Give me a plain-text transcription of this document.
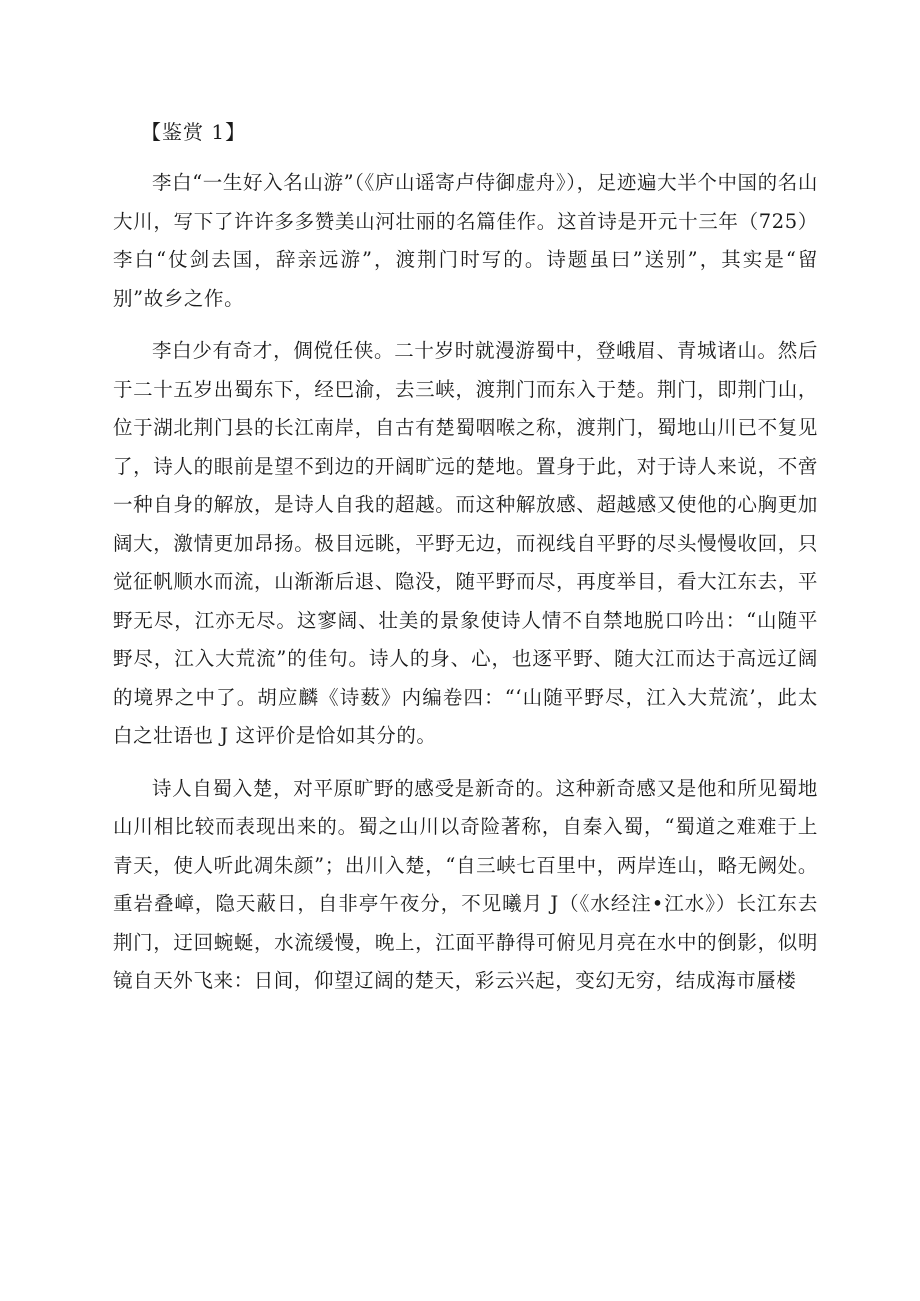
【鉴赏 1】

李白“一生好入名山游”（《庐山谣寄卢侍御虚舟》），足迹遍大半个中国的名山大川，写下了许许多多赞美山河壮丽的名篇佳作。这首诗是开元十三年（725）李白“仗剑去国，辞亲远游”，渡荆门时写的。诗题虽曰”送别”，其实是“留别”故乡之作。

李白少有奇才，倜傥任侠。二十岁时就漫游蜀中，登峨眉、青城诸山。然后于二十五岁出蜀东下，经巴渝，去三峡，渡荆门而东入于楚。荆门，即荆门山，位于湖北荆门县的长江南岸，自古有楚蜀咽喉之称，渡荆门，蜀地山川已不复见了，诗人的眼前是望不到边的开阔旷远的楚地。置身于此，对于诗人来说，不啻一种自身的解放，是诗人自我的超越。而这种解放感、超越感又使他的心胸更加阔大，激情更加昂扬。极目远眺，平野无边，而视线自平野的尽头慢慢收回，只觉征帆顺水而流，山渐渐后退、隐没，随平野而尽，再度举目，看大江东去，平野无尽，江亦无尽。这寥阔、壮美的景象使诗人情不自禁地脱口吟出：“山随平野尽，江入大荒流”的佳句。诗人的身、心，也逐平野、随大江而达于高远辽阔的境界之中了。胡应麟《诗薮》内编卷四：“‘山随平野尽，江入大荒流’，此太白之壮语也 J 这评价是恰如其分的。

诗人自蜀入楚，对平原旷野的感受是新奇的。这种新奇感又是他和所见蜀地山川相比较而表现出来的。蜀之山川以奇险著称，自秦入蜀，“蜀道之难难于上青天，使人听此凋朱颜”；出川入楚，“自三峡七百里中，两岸连山，略无阙处。重岩叠嶂，隐天蔽日，自非亭午夜分，不见曦月 J（《水经注•江水》）长江东去荆门，迂回蜿蜒，水流缓慢，晚上，江面平静得可俯见月亮在水中的倒影，似明镜自天外飞来：日间，仰望辽阔的楚天，彩云兴起，变幻无穷，结成海市蜃楼
